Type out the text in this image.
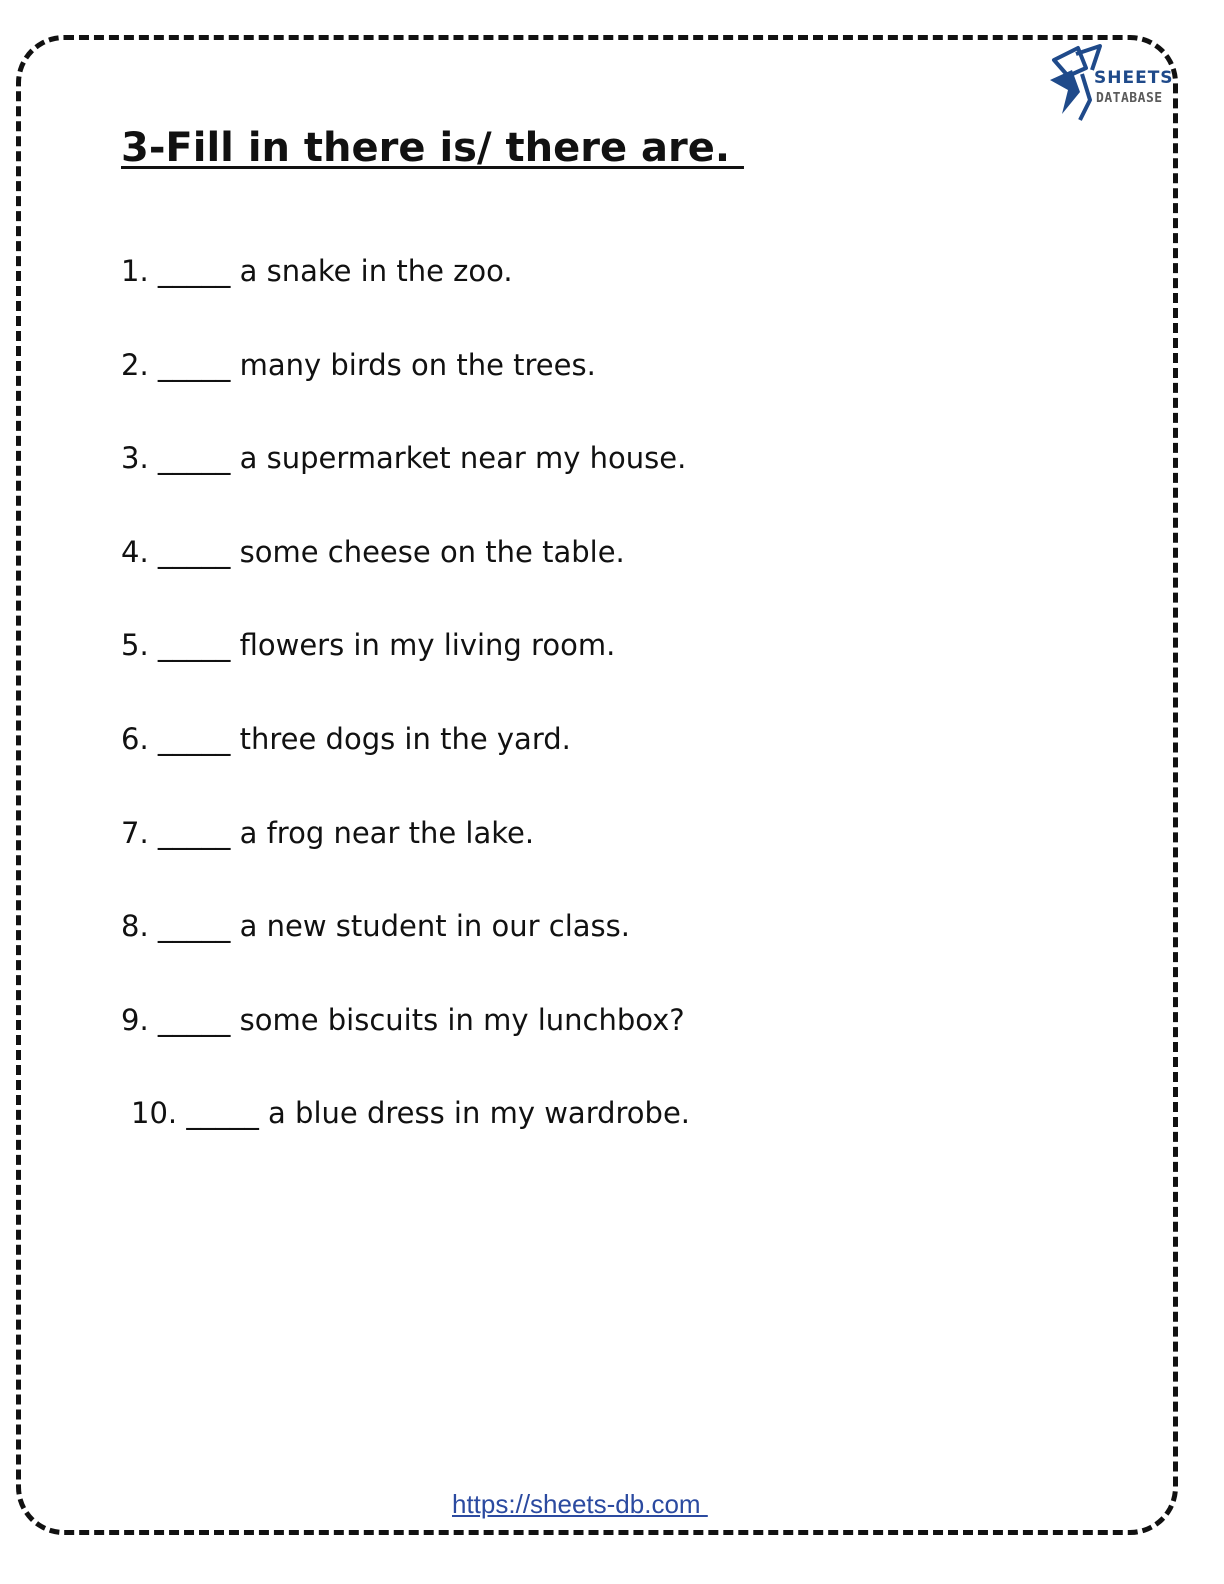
SHEETS
DATABASE
3-Fill in there is/ there are.
1. _____ a snake in the zoo.
2. _____ many birds on the trees.
3. _____ a supermarket near my house.
4. _____ some cheese on the table.
5. _____ flowers in my living room.
6. _____ three dogs in the yard.
7. _____ a frog near the lake.
8. _____ a new student in our class.
9. _____ some biscuits in my lunchbox?
10. _____ a blue dress in my wardrobe.
https://sheets-db.com
